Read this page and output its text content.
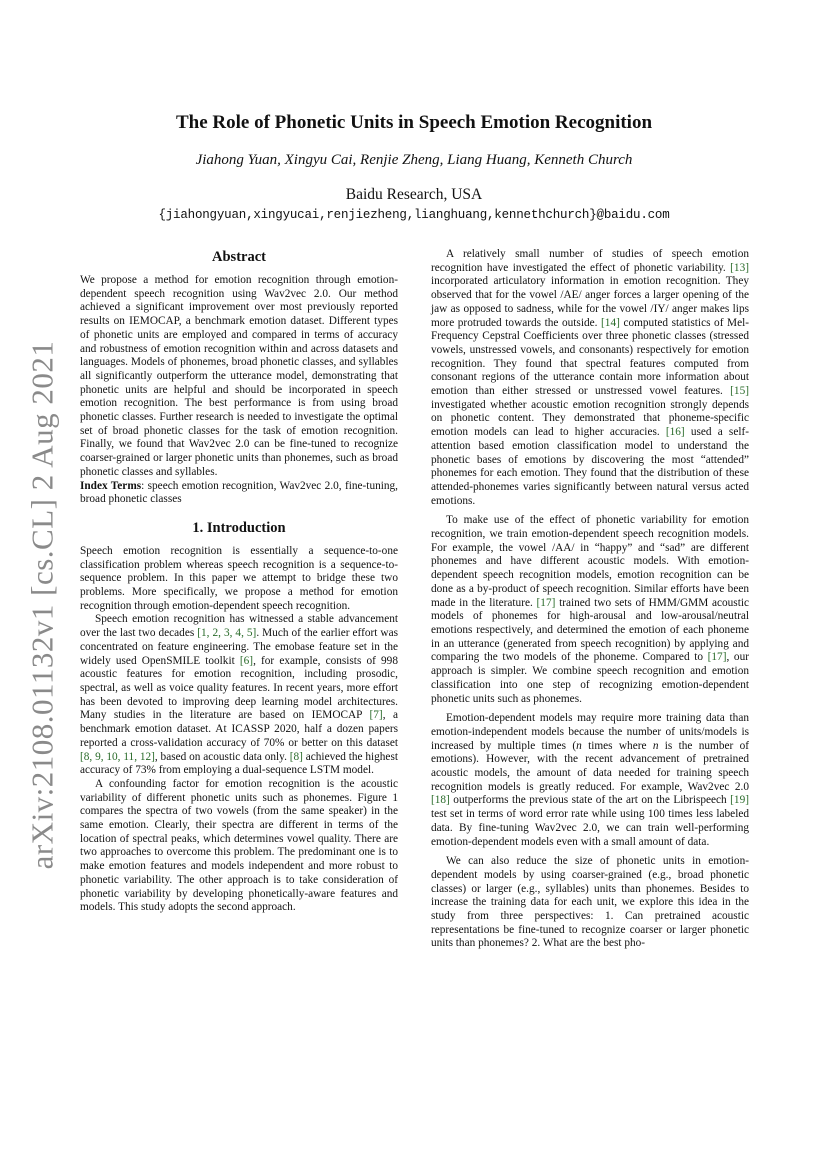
arXiv:2108.01132v1 [cs.CL] 2 Aug 2021
The Role of Phonetic Units in Speech Emotion Recognition
Jiahong Yuan, Xingyu Cai, Renjie Zheng, Liang Huang, Kenneth Church
Baidu Research, USA
{jiahongyuan,xingyucai,renjiezheng,lianghuang,kennethchurch}@baidu.com
Abstract

We propose a method for emotion recognition through emotion-dependent speech recognition using Wav2vec 2.0. Our method achieved a significant improvement over most previously reported results on IEMOCAP, a benchmark emotion dataset. Different types of phonetic units are employed and compared in terms of accuracy and robustness of emotion recognition within and across datasets and languages. Models of phonemes, broad phonetic classes, and syllables all significantly outperform the utterance model, demonstrating that phonetic units are helpful and should be incorporated in speech emotion recognition. The best performance is from using broad phonetic classes. Further research is needed to investigate the optimal set of broad phonetic classes for the task of emotion recognition. Finally, we found that Wav2vec 2.0 can be fine-tuned to recognize coarser-grained or larger phonetic units than phonemes, such as broad phonetic classes and syllables.

Index Terms: speech emotion recognition, Wav2vec 2.0, fine-tuning, broad phonetic classes

1. Introduction

Speech emotion recognition is essentially a sequence-to-one classification problem whereas speech recognition is a sequence-to-sequence problem. In this paper we attempt to bridge these two problems. More specifically, we propose a method for emotion recognition through emotion-dependent speech recognition.

Speech emotion recognition has witnessed a stable advancement over the last two decades [1, 2, 3, 4, 5]. Much of the earlier effort was concentrated on feature engineering. The emobase feature set in the widely used OpenSMILE toolkit [6], for example, consists of 998 acoustic features for emotion recognition, including prosodic, spectral, as well as voice quality features. In recent years, more effort has been devoted to improving deep learning model architectures. Many studies in the literature are based on IEMOCAP [7], a benchmark emotion dataset. At ICASSP 2020, half a dozen papers reported a cross-validation accuracy of 70% or better on this dataset [8, 9, 10, 11, 12], based on acoustic data only. [8] achieved the highest accuracy of 73% from employing a dual-sequence LSTM model.

A confounding factor for emotion recognition is the acoustic variability of different phonetic units such as phonemes. Figure 1 compares the spectra of two vowels (from the same speaker) in the same emotion. Clearly, their spectra are different in terms of the location of spectral peaks, which determines vowel quality. There are two approaches to overcome this problem. The predominant one is to make emotion features and models independent and more robust to phonetic variability. The other approach is to take consideration of phonetic variability by developing phonetically-aware features and models. This study adopts the second approach.

A relatively small number of studies of speech emotion recognition have investigated the effect of phonetic variability. [13] incorporated articulatory information in emotion recognition. They observed that for the vowel /AE/ anger forces a larger opening of the jaw as opposed to sadness, while for the vowel /IY/ anger makes lips more protruded towards the outside. [14] computed statistics of Mel-Frequency Cepstral Coefficients over three phonetic classes (stressed vowels, unstressed vowels, and consonants) respectively for emotion recognition. They found that spectral features computed from consonant regions of the utterance contain more information about emotion than either stressed or unstressed vowel features. [15] investigated whether acoustic emotion recognition strongly depends on phonetic content. They demonstrated that phoneme-specific emotion models can lead to higher accuracies. [16] used a self-attention based emotion classification model to understand the phonetic bases of emotions by discovering the most “attended” phonemes for each emotion. They found that the distribution of these attended-phonemes varies significantly between natural versus acted emotions.

To make use of the effect of phonetic variability for emotion recognition, we train emotion-dependent speech recognition models. For example, the vowel /AA/ in “happy” and “sad” are different phonemes and have different acoustic models. With emotion-dependent speech recognition models, emotion recognition can be done as a by-product of speech recognition. Similar efforts have been made in the literature. [17] trained two sets of HMM/GMM acoustic models of phonemes for high-arousal and low-arousal/neutral emotions respectively, and determined the emotion of each phoneme in an utterance (generated from speech recognition) by applying and comparing the two models of the phoneme. Compared to [17], our approach is simpler. We combine speech recognition and emotion classification into one step of recognizing emotion-dependent phonetic units such as phonemes.

Emotion-dependent models may require more training data than emotion-independent models because the number of units/models is increased by multiple times (n times where n is the number of emotions). However, with the recent advancement of pretrained acoustic models, the amount of data needed for training speech recognition models is greatly reduced. For example, Wav2vec 2.0 [18] outperforms the previous state of the art on the Librispeech [19] test set in terms of word error rate while using 100 times less labeled data. By fine-tuning Wav2vec 2.0, we can train well-performing emotion-dependent models even with a small amount of data.

We can also reduce the size of phonetic units in emotion-dependent models by using coarser-grained (e.g., broad phonetic classes) or larger (e.g., syllables) units than phonemes. Besides to increase the training data for each unit, we explore this idea in the study from three perspectives: 1. Can pretrained acoustic representations be fine-tuned to recognize coarser or larger phonetic units than phonemes? 2. What are the best pho-
